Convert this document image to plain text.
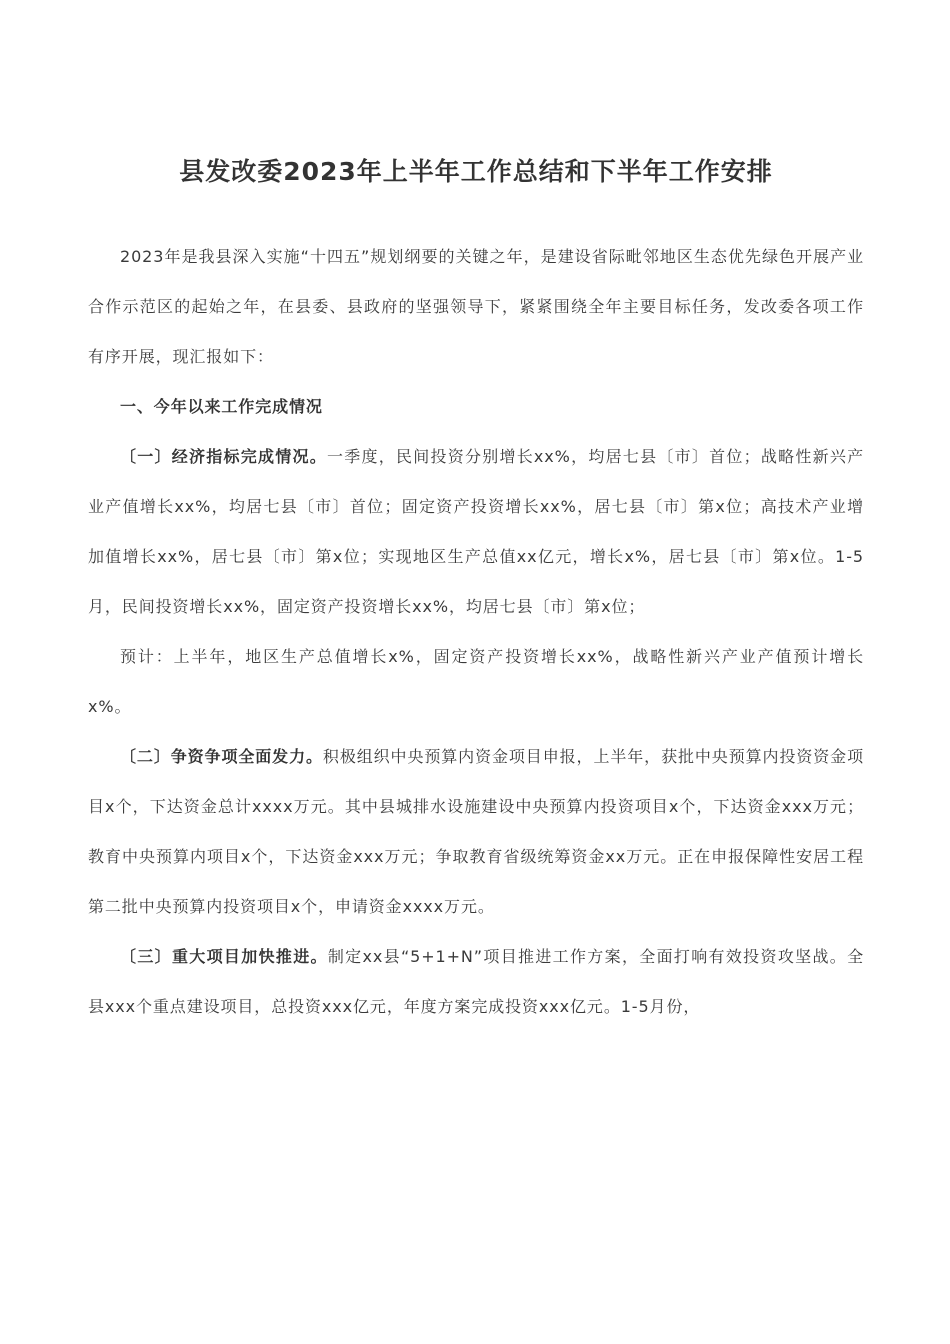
县发改委2023年上半年工作总结和下半年工作安排

2023年是我县深入实施“十四五”规划纲要的关键之年，是建设省际毗邻地区生态优先绿色开展产业合作示范区的起始之年，在县委、县政府的坚强领导下，紧紧围绕全年主要目标任务，发改委各项工作有序开展，现汇报如下：

一、今年以来工作完成情况

〔一〕经济指标完成情况。一季度，民间投资分别增长xx%，均居七县〔市〕首位；战略性新兴产业产值增长xx%，均居七县〔市〕首位；固定资产投资增长xx%，居七县〔市〕第x位；高技术产业增加值增长xx%，居七县〔市〕第x位；实现地区生产总值xx亿元，增长x%，居七县〔市〕第x位。1-5月，民间投资增长xx%，固定资产投资增长xx%，均居七县〔市〕第x位；

预计：上半年，地区生产总值增长x%，固定资产投资增长xx%，战略性新兴产业产值预计增长x%。

〔二〕争资争项全面发力。积极组织中央预算内资金项目申报，上半年，获批中央预算内投资资金项目x个，下达资金总计xxxx万元。其中县城排水设施建设中央预算内投资项目x个，下达资金xxx万元；教育中央预算内项目x个，下达资金xxx万元；争取教育省级统筹资金xx万元。正在申报保障性安居工程第二批中央预算内投资项目x个，申请资金xxxx万元。

〔三〕重大项目加快推进。制定xx县“5+1+N”项目推进工作方案，全面打响有效投资攻坚战。全县xxx个重点建设项目，总投资xxx亿元，年度方案完成投资xxx亿元。1-5月份，
